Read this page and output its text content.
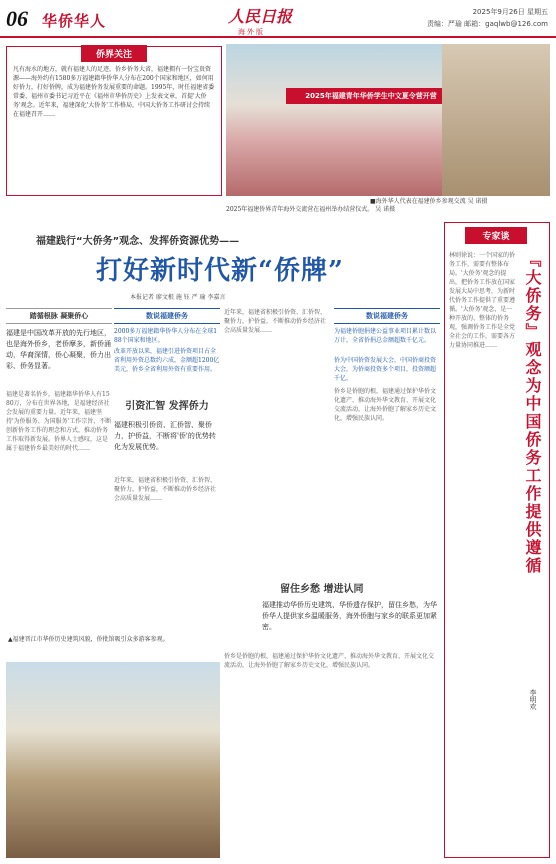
06 华侨华人	人民日报
海外版
2025年9月26日 星期五
责编：严瑜 邮箱：gaqlwb@126.com
侨界关注
凡有海水的地方，就有福建人的足迹。侨乡侨务大省，福建拥有一份宝贵资源——海外约有1580多万福建籍华侨华人分布在200个国家和地区，如何用好侨力，打好侨牌，成为福建侨务发展重要的命题。1995年，时任福建省委常委、福州市委书记习近平在《福州市华侨历史》上发表文章，首提'大侨务'观念。近年来，福建深化'大侨务'工作格局，中国大侨务工作研讨会持续在福建召开……
2025年福建青年华侨学生中文夏令营开营
■海外华人代表在福建侨乡参观交流 吴 诺摄
2025年福建侨界青年海外交流营在福州举办结营仪式。 吴 诺摄
福建践行“大侨务”观念、发挥侨资源优势——
打好新时代新“侨牌”
本报记者 廖文根 施 钰 严 瑜 李嘉言
踏循根脉 凝聚侨心
福建是中国改革开放的先行地区，也是海外侨乡，老侨摩多，新侨涌动，华裔深情，侨心凝聚，侨力出彩、侨务显著。
福建是著名侨乡，福建籍华侨华人有1580万，分布在世界各地，是福建经济社会发展的重要力量。近年来，福建坚持'为侨服务、为国服务'工作宗旨，不断创新侨务工作的理念和方式，推动侨务工作取得新发展。侨界人士感叹，这是属于福建侨乡最美好的时代……
▲福建晋江市华侨历史建筑风貌，侨批馆吸引众多游客参观。
数说福建侨务
2000多万福建籍华侨华人分布在全球188个国家和地区。
改革开放以来，福建引进侨资项目占全省利用外资总数约六成，金额超1200亿美元，侨乡全省利用外资有重要作用。
引资汇智 发挥侨力
福建积极引侨资、汇侨智、聚侨力，护侨益，不断将'侨'的优势转化为发展优势。
近年来，福建省积极引侨资、汇侨智、聚侨力，护侨益，不断推动侨乡经济社会高质量发展……
近年来，福建省积极引侨资、汇侨智、聚侨力，护侨益，不断推动侨乡经济社会高质量发展……
数说福建侨务
为福建侨胞捐建公益事业项目累计数以万计，全省侨捐总金额超数千亿元。
侨为中国侨资发展大会，中国侨商投资大会，为侨商投资多个项目，投资额超千亿。
侨乡是侨胞的根，福建通过保护华侨文化遗产、推动海外华文教育、开展文化交流活动，让海外侨胞了解家乡历史文化，增强民族认同。
留住乡愁 增进认同
福建推动华侨历史建筑、华侨遗存保护，留住乡愁，为华侨华人提供家乡温暖服务，海外侨胞与家乡的联系更加紧密。
侨乡是侨胞的根，福建通过保护华侨文化遗产、推动海外华文教育、开展文化交流活动，让海外侨胞了解家乡历史文化，增强民族认同。
专家谈
林则徐说：一个国家的侨务工作，需要有整体布局。'大侨务'观念的提出，把侨务工作放在国家发展大局中思考，为新时代侨务工作提供了重要遵循。'大侨务'观念，是一种开放的、整体的侨务观，强调侨务工作是全党全社会的工作，需要各方力量协同推进……	『大侨务』观念为中国侨务工作提供遵循
李明欢
